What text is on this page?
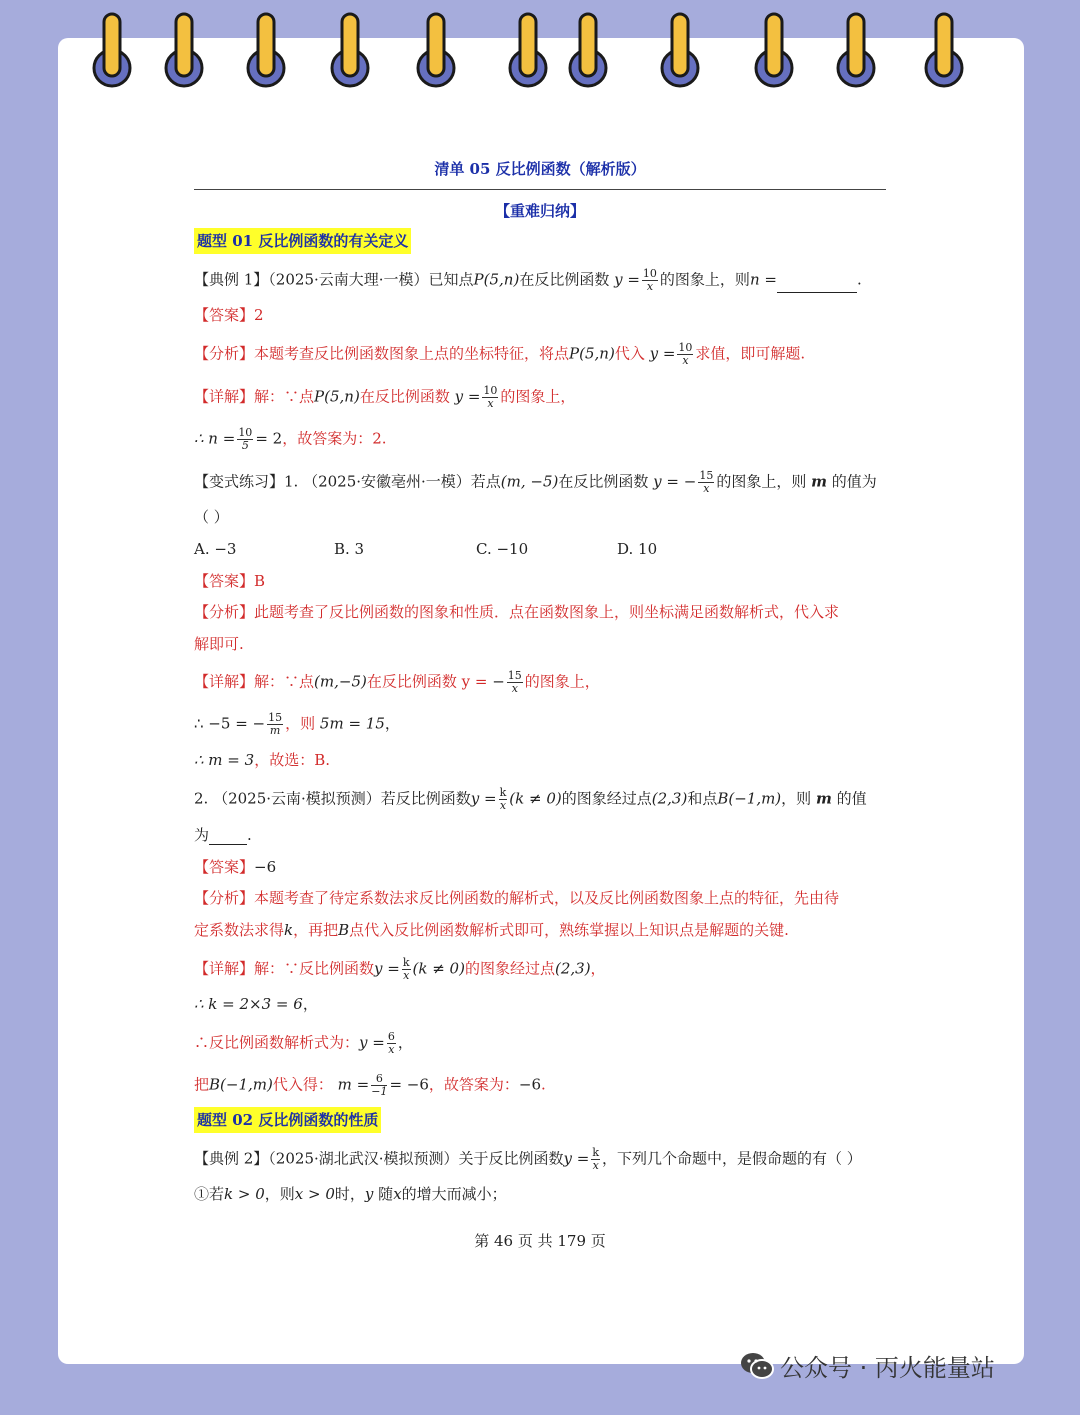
清单 05 反比例函数（解析版）
【重难归纳】
题型 01 反比例函数的有关定义
【典例 1】（2025·云南大理·一模）已知点P(5,n)在反比例函数 $y = \frac{10}{x}$ 的图象上，则n =	.
【答案】2
【分析】本题考查反比例函数图象上点的坐标特征，将点P(5,n)代入 $y = \frac{10}{x}$ 求值，即可解题.
【详解】解：∵点P(5,n)在反比例函数 $y = \frac{10}{x}$ 的图象上，
∴ $n = \frac{10}{5} = 2$，故答案为：2.
【变式练习】1. （2025·安徽亳州·一模）若点(m, −5)在反比例函数 y = − $\frac{15}{x}$ 的图象上，则 m 的值为
（ ）
A. −3	B. 3	C. −10	D. 10
【答案】B
【分析】此题考查了反比例函数的图象和性质．点在函数图象上，则坐标满足函数解析式，代入求
解即可.
【详解】解：∵点(m,−5)在反比例函数 y = − $\frac{15}{x}$ 的图象上，
∴ −5 = − $\frac{15}{m}$ ，则 5m = 15，
∴ m = 3，故选：B.
2. （2025·云南·模拟预测）若反比例函数$y = \frac{k}{x} (k \ne 0)$的图象经过点(2,3)和点B(−1,m)，则 m 的值
为	.
【答案】−6
【分析】本题考查了待定系数法求反比例函数的解析式，以及反比例函数图象上点的特征，先由待
定系数法求得k，再把B点代入反比例函数解析式即可，熟练掌握以上知识点是解题的关键.
【详解】解：∵反比例函数$y = \frac{k}{x} (k \ne 0)$的图象经过点(2,3)，
∴ k = 2×3 = 6，
∴反比例函数解析式为：$y = \frac{6}{x}$ ，
把B(−1,m)代入得： $m = \frac{6}{-1} = -6$，故答案为：−6.
题型 02 反比例函数的性质
【典例 2】（2025·湖北武汉·模拟预测）关于反比例函数$y = \frac{k}{x}$ ，下列几个命题中，是假命题的有（ ）
①若k > 0，则x > 0时，y 随x的增大而减小；
第 46 页 共 179 页
公众号 · 丙火能量站
